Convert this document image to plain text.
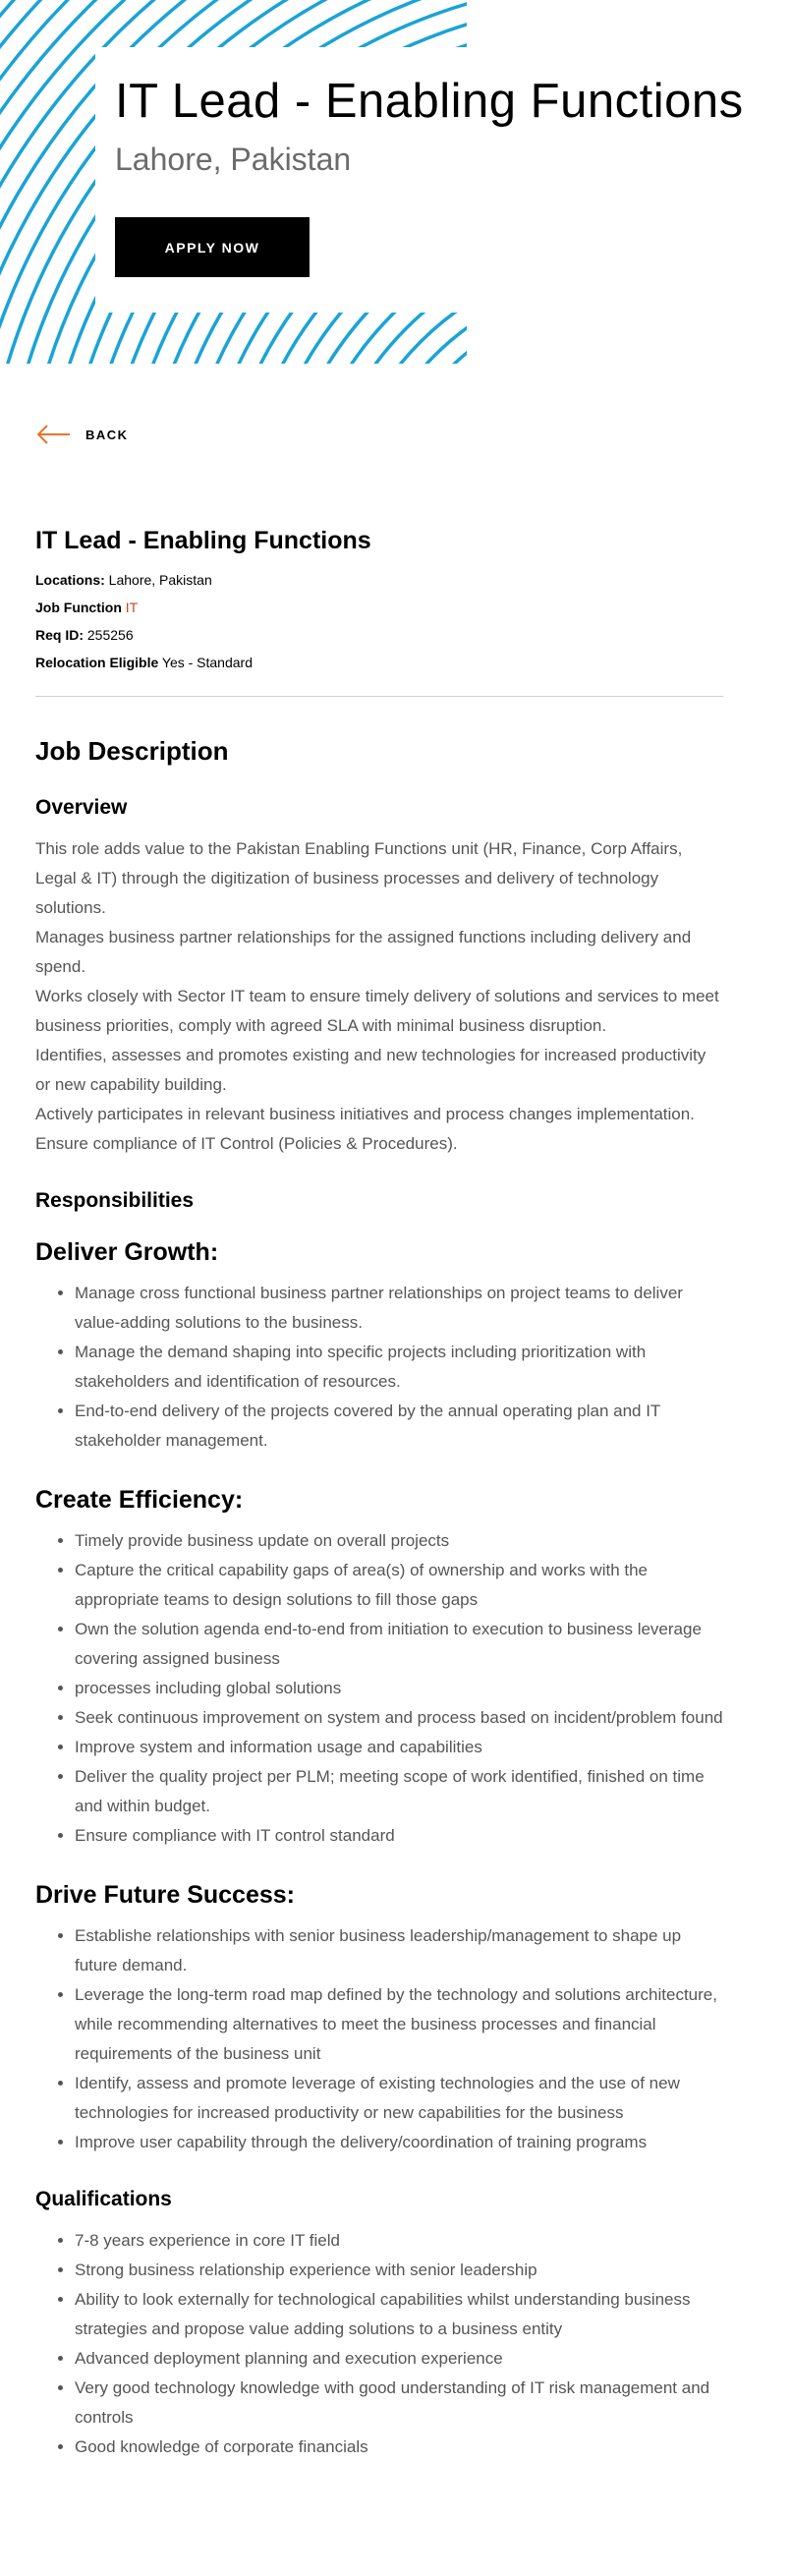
IT Lead - Enabling Functions
Lahore, Pakistan
APPLY NOW
BACK
IT Lead - Enabling Functions
Locations: Lahore, Pakistan
Job Function IT
Req ID: 255256
Relocation Eligible Yes - Standard
Job Description
Overview

This role adds value to the Pakistan Enabling Functions unit (HR, Finance, Corp Affairs, Legal & IT) through the digitization of business processes and delivery of technology solutions.

Manages business partner relationships for the assigned functions including delivery and spend.

Works closely with Sector IT team to ensure timely delivery of solutions and services to meet business priorities, comply with agreed SLA with minimal business disruption.

Identifies, assesses and promotes existing and new technologies for increased productivity or new capability building.

Actively participates in relevant business initiatives and process changes implementation.

Ensure compliance of IT Control (Policies & Procedures).

Responsibilities
Deliver Growth:
• Manage cross functional business partner relationships on project teams to deliver value-adding solutions to the business.
• Manage the demand shaping into specific projects including prioritization with stakeholders and identification of resources.
• End-to-end delivery of the projects covered by the annual operating plan and IT stakeholder management.
Create Efficiency:
• Timely provide business update on overall projects
• Capture the critical capability gaps of area(s) of ownership and works with the appropriate teams to design solutions to fill those gaps
• Own the solution agenda end-to-end from initiation to execution to business leverage covering assigned business
• processes including global solutions
• Seek continuous improvement on system and process based on incident/problem found
• Improve system and information usage and capabilities
• Deliver the quality project per PLM; meeting scope of work identified, finished on time and within budget.
• Ensure compliance with IT control standard
Drive Future Success:
• Establishe relationships with senior business leadership/management to shape up future demand.
• Leverage the long-term road map defined by the technology and solutions architecture, while recommending alternatives to meet the business processes and financial requirements of the business unit
• Identify, assess and promote leverage of existing technologies and the use of new technologies for increased productivity or new capabilities for the business
• Improve user capability through the delivery/coordination of training programs
Qualifications
• 7-8 years experience in core IT field
• Strong business relationship experience with senior leadership
• Ability to look externally for technological capabilities whilst understanding business strategies and propose value adding solutions to a business entity
• Advanced deployment planning and execution experience
• Very good technology knowledge with good understanding of IT risk management and controls
• Good knowledge of corporate financials
